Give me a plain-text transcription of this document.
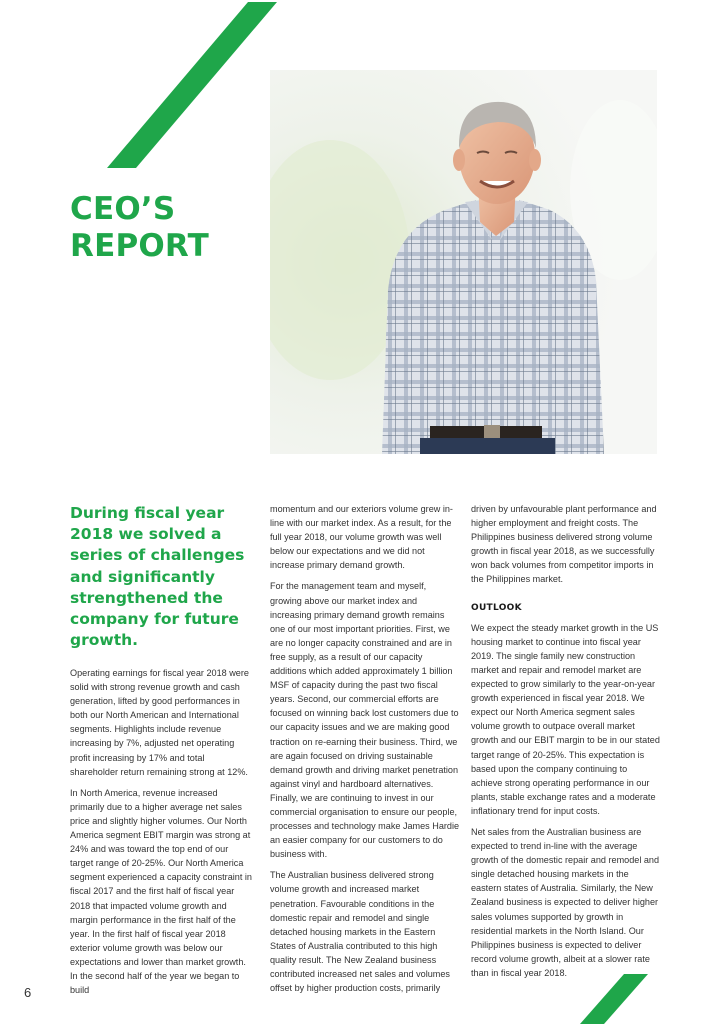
CEO’S
REPORT
During fiscal year 2018 we solved a series of challenges and significantly strengthened the company for future growth.

Operating earnings for fiscal year 2018 were solid with strong revenue growth and cash generation, lifted by good performances in both our North American and International segments. Highlights include revenue increasing by 7%, adjusted net operating profit increasing by 17% and total shareholder return remaining strong at 12%.

In North America, revenue increased primarily due to a higher average net sales price and slightly higher volumes. Our North America segment EBIT margin was strong at 24% and was toward the top end of our target range of 20-25%. Our North America segment experienced a capacity constraint in fiscal 2017 and the first half of fiscal year 2018 that impacted volume growth and margin performance in the first half of the year. In the first half of fiscal year 2018 exterior volume growth was below our expectations and lower than market growth. In the second half of the year we began to build

momentum and our exteriors volume grew in-line with our market index. As a result, for the full year 2018, our volume growth was well below our expectations and we did not increase primary demand growth.

For the management team and myself, growing above our market index and increasing primary demand growth remains one of our most important priorities. First, we are no longer capacity constrained and are in free supply, as a result of our capacity additions which added approximately 1 billion MSF of capacity during the past two fiscal years. Second, our commercial efforts are focused on winning back lost customers due to our capacity issues and we are making good traction on re-earning their business. Third, we are again focused on driving sustainable demand growth and driving market penetration against vinyl and hardboard alternatives. Finally, we are continuing to invest in our commercial organisation to ensure our people, processes and technology make James Hardie an easier company for our customers to do business with.

The Australian business delivered strong volume growth and increased market penetration. Favourable conditions in the domestic repair and remodel and single detached housing markets in the Eastern States of Australia contributed to this high quality result. The New Zealand business contributed increased net sales and volumes offset by higher production costs, primarily

driven by unfavourable plant performance and higher employment and freight costs. The Philippines business delivered strong volume growth in fiscal year 2018, as we successfully won back volumes from competitor imports in the Philippines market.

OUTLOOK

We expect the steady market growth in the US housing market to continue into fiscal year 2019. The single family new construction market and repair and remodel market are expected to grow similarly to the year-on-year growth experienced in fiscal year 2018. We expect our North America segment sales volume growth to outpace overall market growth and our EBIT margin to be in our stated target range of 20-25%. This expectation is based upon the company continuing to achieve strong operating performance in our plants, stable exchange rates and a moderate inflationary trend for input costs.

Net sales from the Australian business are expected to trend in-line with the average growth of the domestic repair and remodel and single detached housing markets in the eastern states of Australia. Similarly, the New Zealand business is expected to deliver higher sales volumes supported by growth in residential markets in the North Island. Our Philippines business is expected to deliver record volume growth, albeit at a slower rate than in fiscal year 2018.

6
